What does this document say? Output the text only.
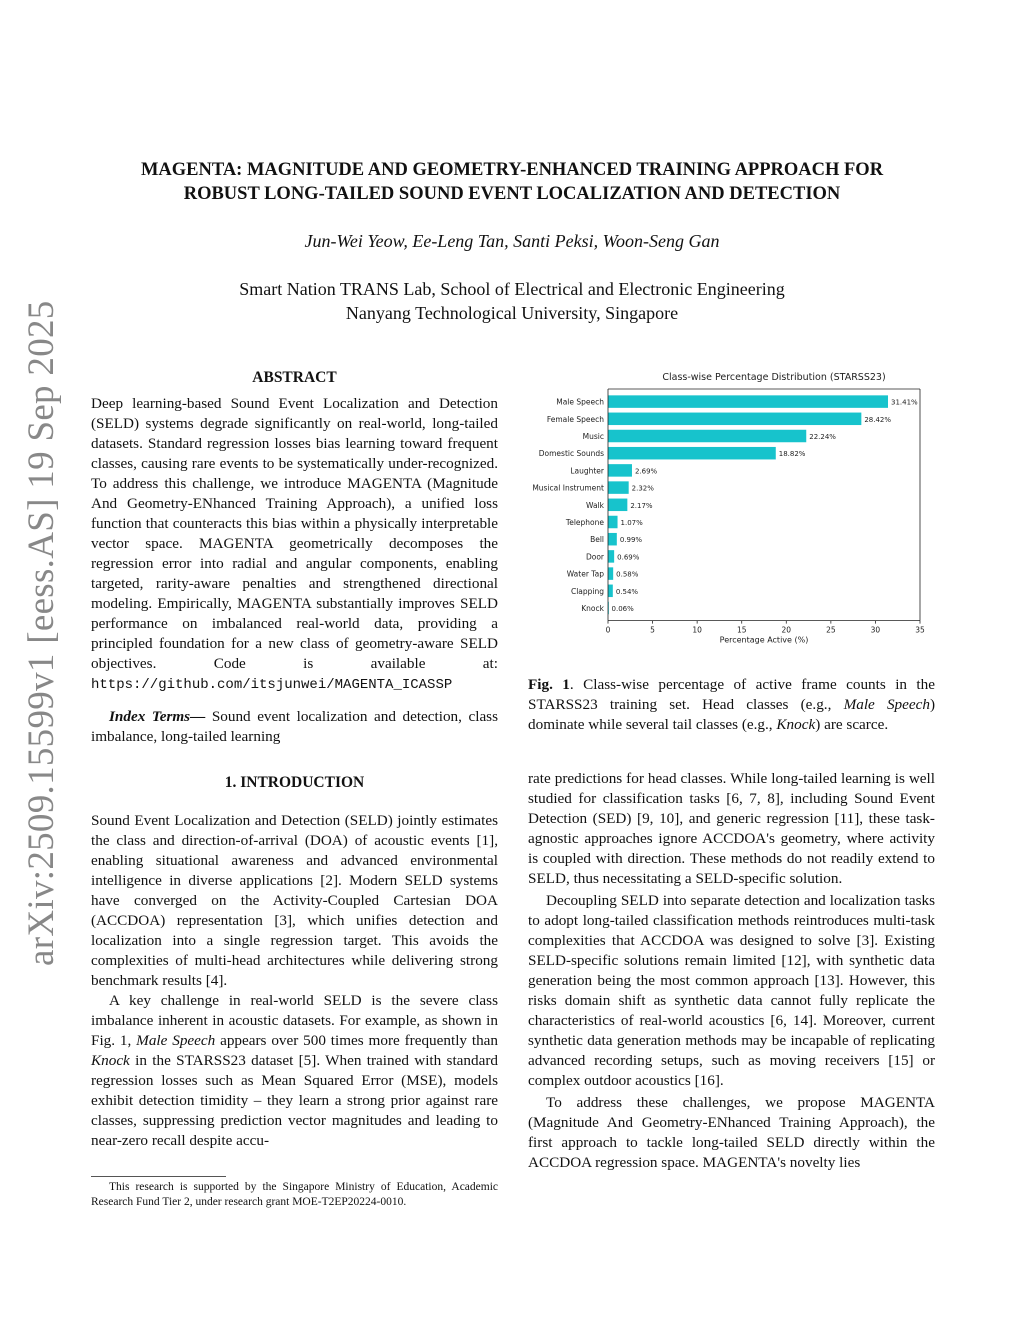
arXiv:2509.15599v1 [eess.AS] 19 Sep 2025
MAGENTA: MAGNITUDE AND GEOMETRY-ENHANCED TRAINING APPROACH FOR
ROBUST LONG-TAILED SOUND EVENT LOCALIZATION AND DETECTION
Jun-Wei Yeow, Ee-Leng Tan, Santi Peksi, Woon-Seng Gan
Smart Nation TRANS Lab, School of Electrical and Electronic Engineering
Nanyang Technological University, Singapore

ABSTRACT

Deep learning-based Sound Event Localization and Detection (SELD) systems degrade significantly on real-world, long-tailed datasets. Standard regression losses bias learning toward frequent classes, causing rare events to be systematically under-recognized. To address this challenge, we introduce MAGENTA (Magnitude And Geometry-ENhanced Training Approach), a unified loss function that counteracts this bias within a physically interpretable vector space. MAGENTA geometrically decomposes the regression error into radial and angular components, enabling targeted, rarity-aware penalties and strengthened directional modeling. Empirically, MAGENTA substantially improves SELD performance on imbalanced real-world data, providing a principled foundation for a new class of geometry-aware SELD objectives. Code is available at: https://github.com/itsjunwei/MAGENTA_ICASSP

Index Terms— Sound event localization and detection, class imbalance, long-tailed learning

1. INTRODUCTION

Sound Event Localization and Detection (SELD) jointly estimates the class and direction-of-arrival (DOA) of acoustic events [1], enabling situational awareness and advanced environmental intelligence in diverse applications [2]. Modern SELD systems have converged on the Activity-Coupled Cartesian DOA (ACCDOA) representation [3], which unifies detection and localization into a single regression target. This avoids the complexities of multi-head architectures while delivering strong benchmark results [4].

A key challenge in real-world SELD is the severe class imbalance inherent in acoustic datasets. For example, as shown in Fig. 1, Male Speech appears over 500 times more frequently than Knock in the STARSS23 dataset [5]. When trained with standard regression losses such as Mean Squared Error (MSE), models exhibit detection timidity – they learn a strong prior against rare classes, suppressing prediction vector magnitudes and leading to near-zero recall despite accu-

This research is supported by the Singapore Ministry of Education, Academic Research Fund Tier 2, under research grant MOE-T2EP20224-0010.
Class-wise Percentage Distribution (STARSS23)
Male Speech	31.41%
Female Speech	28.42%
Music	22.24%
Domestic Sounds	18.82%
Laughter	2.69%
Musical Instrument	2.32%
Walk	2.17%
Telephone 1.07%
Bell 0.99%
Door 0.69%
Water Tap 0.58%
Clapping 0.54%
Knock 0.06%
0	5	10	15	20	25	30	35
Percentage Active (%)
Fig. 1. Class-wise percentage of active frame counts in the STARSS23 training set. Head classes (e.g., Male Speech) dominate while several tail classes (e.g., Knock) are scarce.

rate predictions for head classes. While long-tailed learning is well studied for classification tasks [6, 7, 8], including Sound Event Detection (SED) [9, 10], and generic regression [11], these task-agnostic approaches ignore ACCDOA's geometry, where activity is coupled with direction. These methods do not readily extend to SELD, thus necessitating a SELD-specific solution.

Decoupling SELD into separate detection and localization tasks to adopt long-tailed classification methods reintroduces multi-task complexities that ACCDOA was designed to solve [3]. Existing SELD-specific solutions remain limited [12], with synthetic data generation being the most common approach [13]. However, this risks domain shift as synthetic data cannot fully replicate the characteristics of real-world acoustics [6, 14]. Moreover, current synthetic data generation methods may be incapable of replicating advanced recording setups, such as moving receivers [15] or complex outdoor acoustics [16].

To address these challenges, we propose MAGENTA (Magnitude And Geometry-ENhanced Training Approach), the first approach to tackle long-tailed SELD directly within the ACCDOA regression space. MAGENTA's novelty lies
